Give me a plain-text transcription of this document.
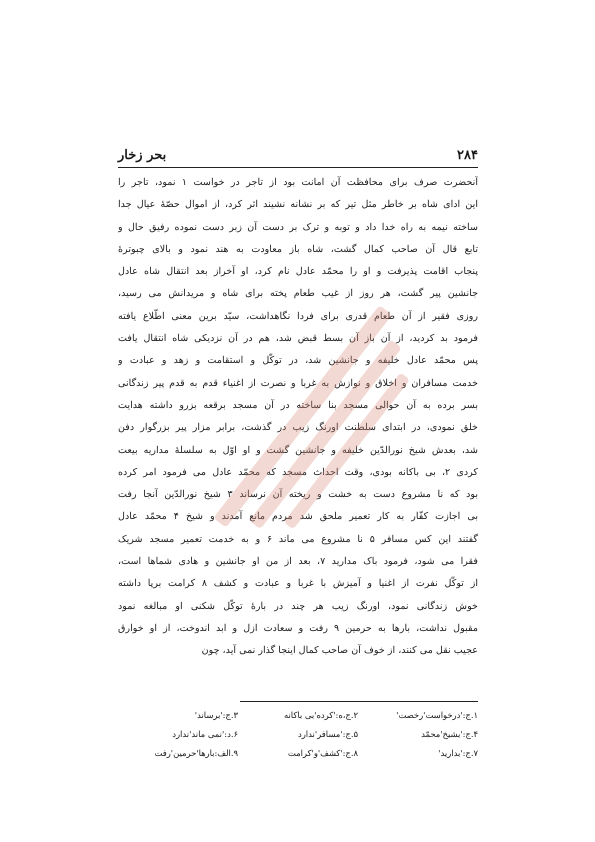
۲۸۴
بحر زخار
آنحضرت صرف برای محافظت آن امانت بود از تاجر در خواست ۱ نمود، تاجر را
این ادای شاه بر خاطر مثل تیر که بر نشانه نشیند اثر کرد، از اموال حصّهٔ عیال جدا
ساخته نیمه به راه خدا داد و توبه و ترک بر دست آن زبر دست نموده رفیق حال و
تابع قال آن صاحب کمال گشت، شاه باز معاودت به هند نمود و بالای چبوترهٔ
پنجاب اقامت پذیرفت و او را محمّد عادل نام کرد، او آخراز بعد انتقال شاه عادل
جانشین پیر گشت، هر روز از غیب طعام پخته برای شاه و مریدانش می رسید،
روزی فقیر از آن طعام قدری برای فردا نگاهداشت، سیّد برین معنی اطّلاع یافته
فرمود بد کردید، از آن باز آن بسط قبض شد، هم در آن نزدیکی شاه انتقال یافت
پس محمّد عادل خلیفه و جانشین شد، در توکّل و استقامت و زهد و عبادت و
خدمت مسافران و اخلاق و نوازش به غربا و نصرت از اغنیاء قدم به قدم پیر زندگانی
بسر برده به آن حوالی مسجد بنا ساخته در آن مسجد برقعه بزرو داشته هدایت
خلق نمودی، در ابتدای سلطنت اورنگ زیب در گذشت، برابر مزار پیر بزرگوار دفن
شد، بعدش شیخ نورالدّین خلیفه و جانشین گشت و او اوّل به سلسلهٔ مداریه بیعت
کردی ۲، بی باکانه بودی، وقت احداث مسجد که محمّد عادل می فرمود امر کرده
بود که نا مشروع دست به خشت و ریخته آن نرساند ۳ شیخ نورالدّین آنجا رفت
بی اجازت کفّار به کار تعمیر ملحق شد مردم مانع آمدند و شیخ ۴ محمّد عادل
گفتند این کس مسافر ۵ نا مشروع می ماند ۶ و به خدمت تعمیر مسجد شریک
فقرا می شود، فرمود باک مدارید ۷، بعد از من او جانشین و هادی شماها است،
از توکّل نفرت از اغنیا و آمیزش با غربا و عبادت و کشف ۸ کرامت برپا داشته
خوش زندگانی نمود، اورنگ زیب هر چند در بارهٔ توکّل شکنی او مبالغه نمود
مقبول نداشت، بارها به حرمین ۹ رفت و سعادت ازل و ابد اندوخت، از او خوارق
عجیب نقل می کنند، از خوف آن صاحب کمال اینجا گذار نمی آید، چون
۱.ج:'درخواست'رخصت'
۲.ج،ه:'کرده'بی باکانه
۳.ج:'برساند'
۴.ج:'بشیخ'محمّد
۵.ج:'مسافر'ندارد
۶.د:'نمی ماند'ندارد
۷.ج:'بدارید'
۸.ج:'کشف'و'کرامت
۹.الف:بارها'حرمین'رفت
